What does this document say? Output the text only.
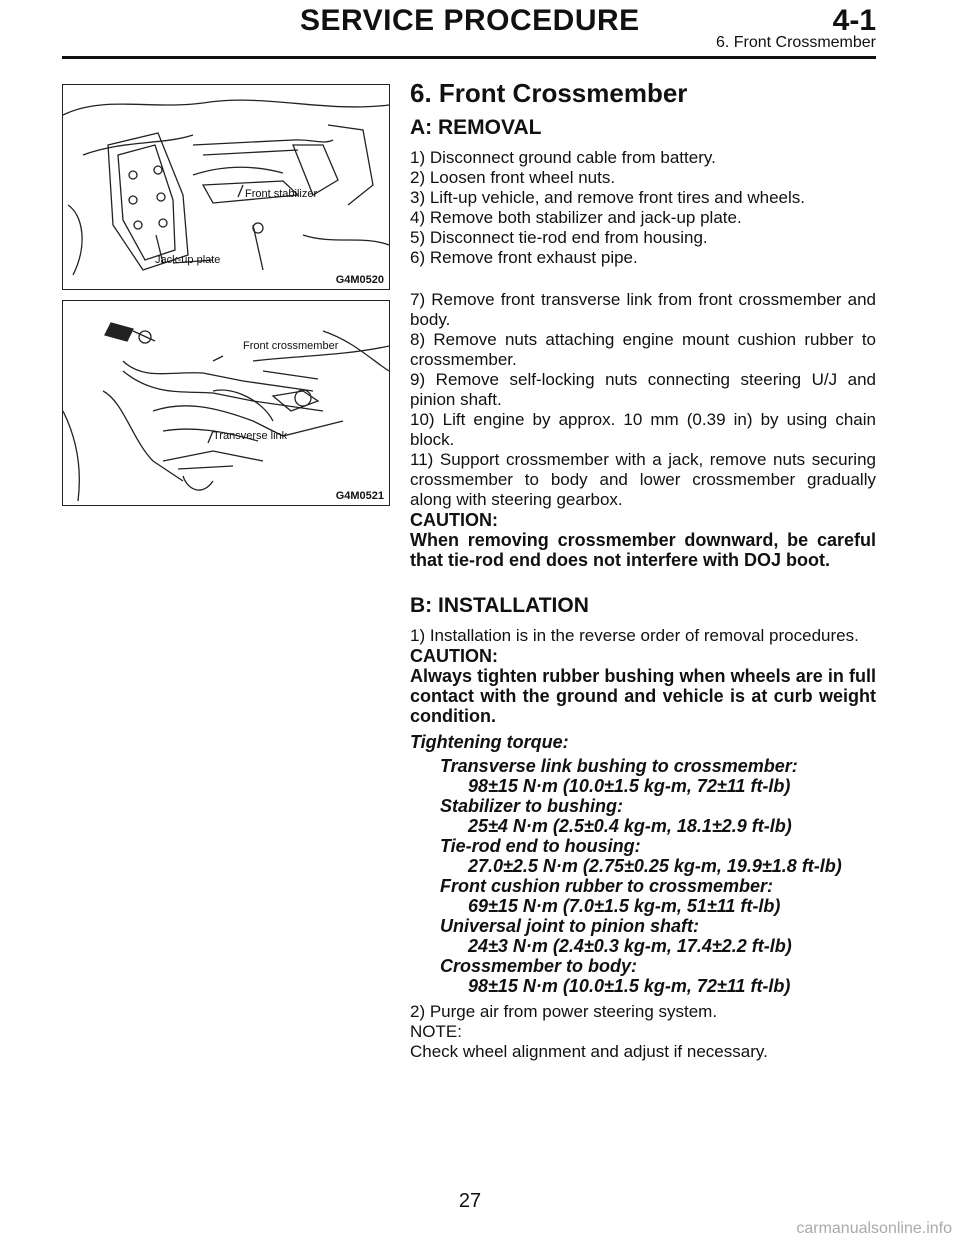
SERVICE PROCEDURE	4-1
6. Front Crossmember
Front stabilizer
Jack-up plate
G4M0520
Front crossmember
Transverse link
G4M0521

6. Front Crossmember

A: REMOVAL

1) Disconnect ground cable from battery.

2) Loosen front wheel nuts.

3) Lift-up vehicle, and remove front tires and wheels.

4) Remove both stabilizer and jack-up plate.

5) Disconnect tie-rod end from housing.

6) Remove front exhaust pipe.

7) Remove front transverse link from front crossmember and body.

8) Remove nuts attaching engine mount cushion rubber to crossmember.

9) Remove self-locking nuts connecting steering U/J and pinion shaft.

10) Lift engine by approx. 10 mm (0.39 in) by using chain block.

11) Support crossmember with a jack, remove nuts securing crossmember to body and lower crossmember gradually along with steering gearbox.

CAUTION:

When removing crossmember downward, be careful that tie-rod end does not interfere with DOJ boot.

B: INSTALLATION

1) Installation is in the reverse order of removal procedures.

CAUTION:

Always tighten rubber bushing when wheels are in full contact with the ground and vehicle is at curb weight condition.

Tightening torque:

Transverse link bushing to crossmember:

98±15 N·m (10.0±1.5 kg-m, 72±11 ft-lb)

Stabilizer to bushing:

25±4 N·m (2.5±0.4 kg-m, 18.1±2.9 ft-lb)

Tie-rod end to housing:

27.0±2.5 N·m (2.75±0.25 kg-m, 19.9±1.8 ft-lb)

Front cushion rubber to crossmember:

69±15 N·m (7.0±1.5 kg-m, 51±11 ft-lb)

Universal joint to pinion shaft:

24±3 N·m (2.4±0.3 kg-m, 17.4±2.2 ft-lb)

Crossmember to body:

98±15 N·m (10.0±1.5 kg-m, 72±11 ft-lb)

2) Purge air from power steering system.

NOTE:

Check wheel alignment and adjust if necessary.

27
carmanualsonline.info
